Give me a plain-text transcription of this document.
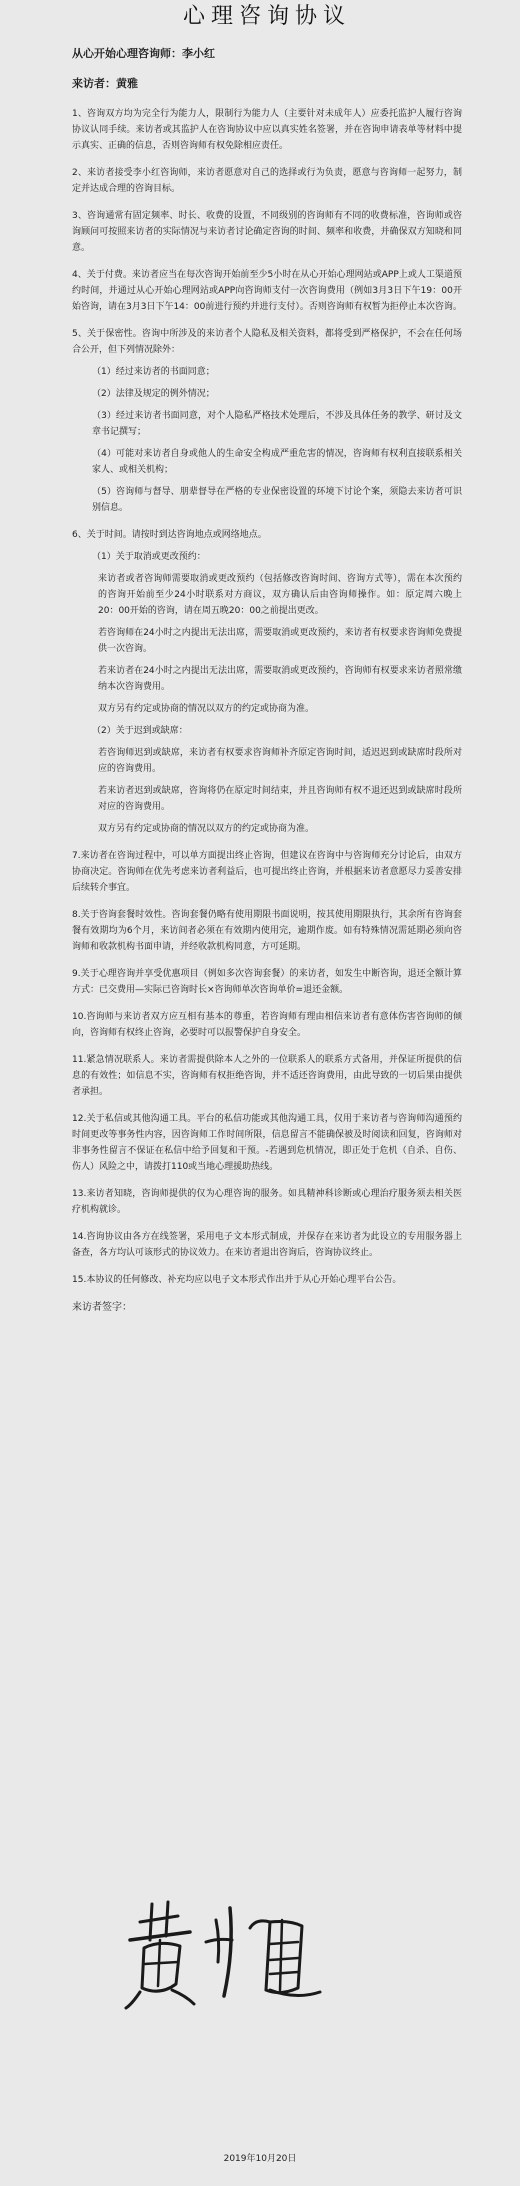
心理咨询协议
从心开始心理咨询师：李小红
来访者：黄雅

1、咨询双方均为完全行为能力人，限制行为能力人（主要针对未成年人）应委托监护人履行咨询协议认同手续。来访者或其监护人在咨询协议中应以真实姓名签署，并在咨询申请表单等材料中提示真实、正确的信息，否则咨询师有权免除相应责任。

2、来访者接受李小红咨询师，来访者愿意对自己的选择或行为负责，愿意与咨询师一起努力，制定并达成合理的咨询目标。

3、咨询通常有固定频率、时长、收费的设置，不同级别的咨询师有不同的收费标准，咨询师或咨询顾问可按照来访者的实际情况与来访者讨论确定咨询的时间、频率和收费，并确保双方知晓和同意。

4、关于付费。来访者应当在每次咨询开始前至少5小时在从心开始心理网站或APP上或人工渠道预约时间，并通过从心开始心理网站或APP向咨询师支付一次咨询费用（例如3月3日下午19：00开始咨询，请在3月3日下午14：00前进行预约并进行支付）。否则咨询师有权暂为拒停止本次咨询。

5、关于保密性。咨询中所涉及的来访者个人隐私及相关资料，都将受到严格保护，不会在任何场合公开，但下列情况除外：

（1）经过来访者的书面同意；

（2）法律及规定的例外情况；

（3）经过来访者书面同意，对个人隐私严格技术处理后，不涉及具体任务的教学、研讨及文章书记撰写；

（4）可能对来访者自身或他人的生命安全构成严重危害的情况，咨询师有权利直接联系相关家人、或相关机构；

（5）咨询师与督导、朋辈督导在严格的专业保密设置的环境下讨论个案，须隐去来访者可识别信息。

6、关于时间。请按时到达咨询地点或网络地点。

（1）关于取消或更改预约：

来访者或者咨询师需要取消或更改预约（包括修改咨询时间、咨询方式等），需在本次预约的咨询开始前至少24小时联系对方商议，双方确认后由咨询师操作。如：原定周六晚上20：00开始的咨询，请在周五晚20：00之前提出更改。

若咨询师在24小时之内提出无法出席，需要取消或更改预约，来访者有权要求咨询师免费提供一次咨询。

若来访者在24小时之内提出无法出席，需要取消或更改预约，咨询师有权要求来访者照常缴纳本次咨询费用。

双方另有约定或协商的情况以双方的约定或协商为准。

（2）关于迟到或缺席：

若咨询师迟到或缺席，来访者有权要求咨询师补齐原定咨询时间，适迟迟到或缺席时段所对应的咨询费用。

若来访者迟到或缺席，咨询将仍在原定时间结束，并且咨询师有权不退还迟到或缺席时段所对应的咨询费用。

双方另有约定或协商的情况以双方的约定或协商为准。

7.来访者在咨询过程中，可以单方面提出终止咨询，但建议在咨询中与咨询师充分讨论后，由双方协商决定。咨询师在优先考虑来访者利益后，也可提出终止咨询，并根据来访者意愿尽力妥善安排后续转介事宜。

8.关于咨询套餐时效性。咨询套餐仍略有使用期限书面说明，按其使用期限执行，其余所有咨询套餐有效期均为6个月，来访间者必须在有效期内使用完，逾期作废。如有特殊情况需延期必须向咨询师和收款机构书面申请，并经收款机构同意，方可延期。

9.关于心理咨询并享受优惠项目（例如多次咨询套餐）的来访者，如发生中断咨询，退还全额计算方式：已交费用—实际已咨询时长×咨询师单次咨询单价=退还金额。

10.咨询师与来访者双方应互相有基本的尊重，若咨询师有理由相信来访者有意体伤害咨询师的倾向，咨询师有权终止咨询，必要时可以报警保护自身安全。

11.紧急情况联系人。来访者需提供除本人之外的一位联系人的联系方式备用，并保证所提供的信息的有效性；如信息不实，咨询师有权拒绝咨询，并不适还咨询费用，由此导致的一切后果由提供者承担。

12.关于私信或其他沟通工具。平台的私信功能或其他沟通工具，仅用于来访者与咨询师沟通预约时间更改等事务性内容，因咨询师工作时间所限，信息留言不能确保被及时阅读和回复，咨询师对非事务性留言不保证在私信中给予回复和干预。-若遇到危机情况，即正处于危机（自杀、自伤、伤人）风险之中，请拨打110或当地心理援助热线。

13.来访者知晓，咨询师提供的仅为心理咨询的服务。如具精神科诊断或心理治疗服务须去相关医疗机构就诊。

14.咨询协议由各方在线签署，采用电子文本形式制成，并保存在来访者为此设立的专用服务器上备查，各方均认可该形式的协议效力。在来访者退出咨询后，咨询协议终止。

15.本协议的任何修改、补充均应以电子文本形式作出并于从心开始心理平台公告。

来访者签字：
2019年10月20日
